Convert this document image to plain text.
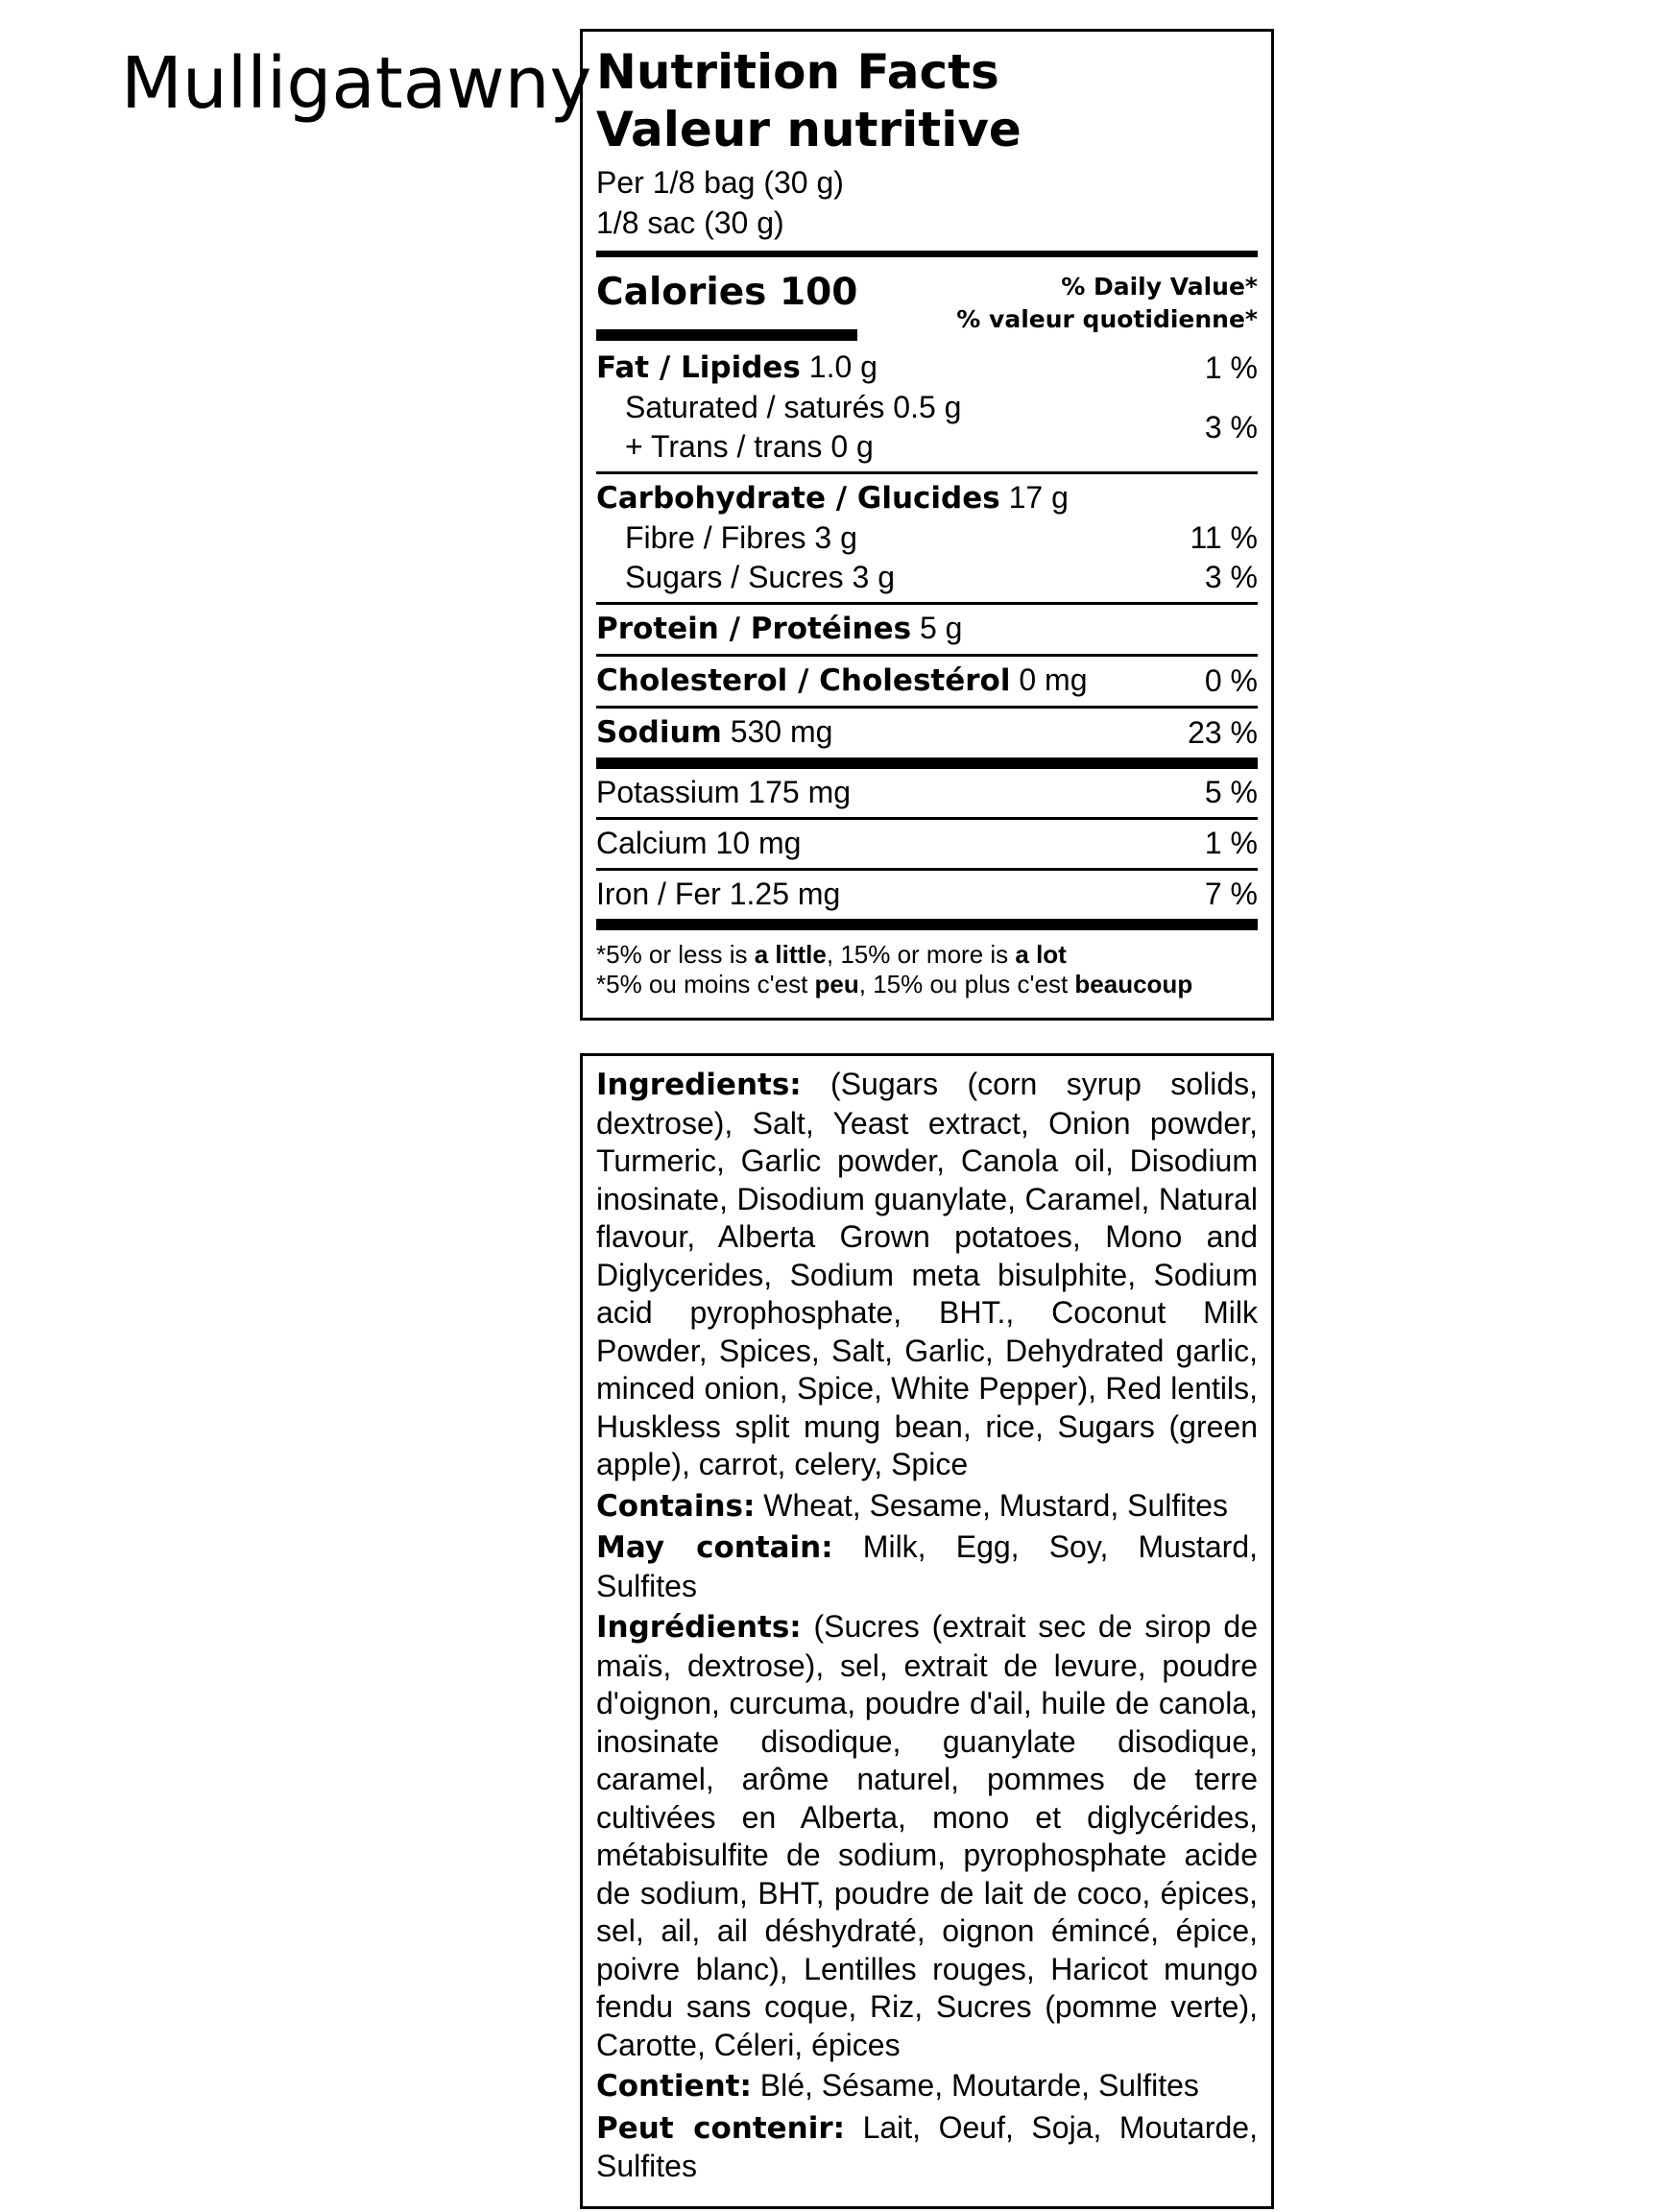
Mulligatawny Nutrition Facts
Valeur nutritive
Per 1/8 bag (30 g)
1/8 sac (30 g)
Calories 100	% Daily Value*
% valeur quotidienne*
Fat / Lipides 1.0 g	1 %
Saturated / saturés 0.5 g
+ Trans / trans 0 g
3 %
Carbohydrate / Glucides 17 g
Fibre / Fibres 3 g	11 %
Sugars / Sucres 3 g	3 %
Protein / Protéines 5 g
Cholesterol / Cholestérol 0 mg	0 %
Sodium 530 mg	23 %
Potassium 175 mg	5 %
Calcium 10 mg	1 %
Iron / Fer 1.25 mg	7 %
*5% or less is a little, 15% or more is a lot
*5% ou moins c'est peu, 15% ou plus c'est beaucoup

Ingredients: (Sugars (corn syrup solids, dextrose), Salt, Yeast extract, Onion powder, Turmeric, Garlic powder, Canola oil, Disodium inosinate, Disodium guanylate, Caramel, Natural flavour, Alberta Grown potatoes, Mono and Diglycerides, Sodium meta bisulphite, Sodium acid pyrophosphate, BHT., Coconut Milk Powder, Spices, Salt, Garlic, Dehydrated garlic, minced onion, Spice, White Pepper), Red lentils, Huskless split mung bean, rice, Sugars (green apple), carrot, celery, Spice

Contains: Wheat, Sesame, Mustard, Sulfites

May contain: Milk, Egg, Soy, Mustard, Sulfites

Ingrédients: (Sucres (extrait sec de sirop de maïs, dextrose), sel, extrait de levure, poudre d'oignon, curcuma, poudre d'ail, huile de canola, inosinate disodique, guanylate disodique, caramel, arôme naturel, pommes de terre cultivées en Alberta, mono et diglycérides, métabisulfite de sodium, pyrophosphate acide de sodium, BHT, poudre de lait de coco, épices, sel, ail, ail déshydraté, oignon émincé, épice, poivre blanc), Lentilles rouges, Haricot mungo fendu sans coque, Riz, Sucres (pomme verte), Carotte, Céleri, épices

Contient: Blé, Sésame, Moutarde, Sulfites

Peut contenir: Lait, Oeuf, Soja, Moutarde, Sulfites
